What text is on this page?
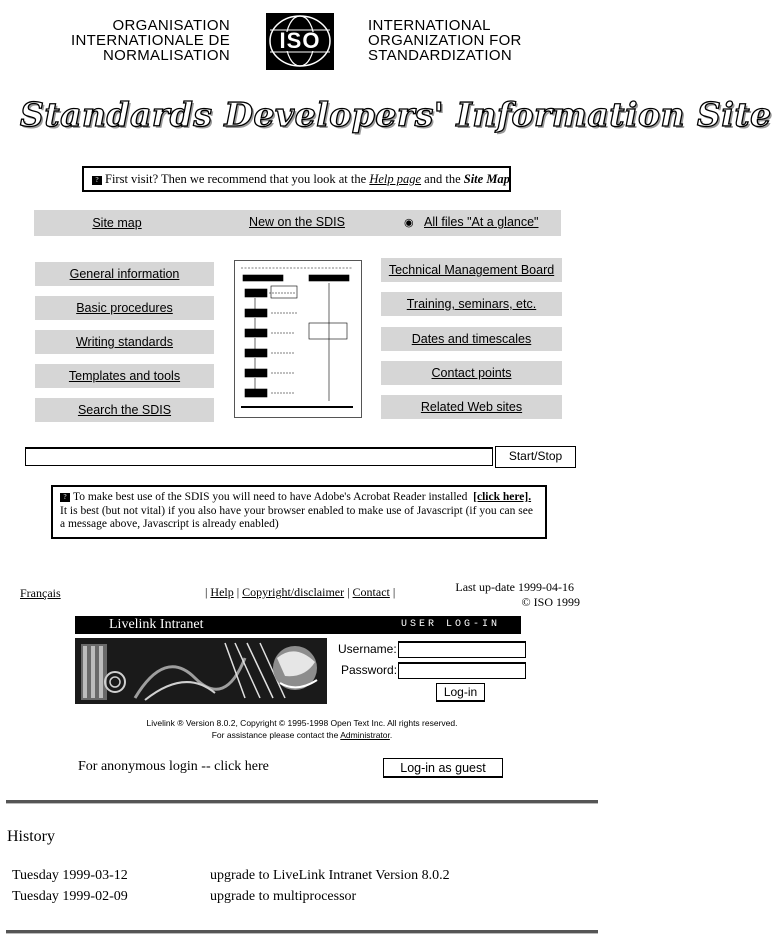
ORGANISATION
INTERNATIONALE DE
NORMALISATION
ISO
INTERNATIONAL
ORGANIZATION FOR
STANDARDIZATION
Standards Developers' Information Site
? First visit? Then we recommend that you look at the Help page and the Site Map
Site map	New on the SDIS	◉ All files "At a glance"
General information
Basic procedures
Writing standards
Templates and tools
Search the SDIS
Technical Management Board
Training, seminars, etc.
Dates and timescales
Contact points
Related Web sites
Start/Stop
? To make best use of the SDIS you will need to have Adobe's Acrobat Reader installed [click here]. It is best (but not vital) if you also have your browser enabled to make use of Javascript (if you can see a message above, Javascript is already enabled)
Français	| Help | Copyright/disclaimer | Contact |	Last up-date 1999-04-16
© ISO 1999
Livelink Intranet	USER LOG-IN
Username:
Password:
Log-in
Livelink ® Version 8.0.2, Copyright © 1995-1998 Open Text Inc. All rights reserved.
For assistance please contact the Administrator.
For anonymous login -- click here	Log-in as guest
History
Tuesday 1999-03-12	upgrade to LiveLink Intranet Version 8.0.2
Tuesday 1999-02-09	upgrade to multiprocessor
